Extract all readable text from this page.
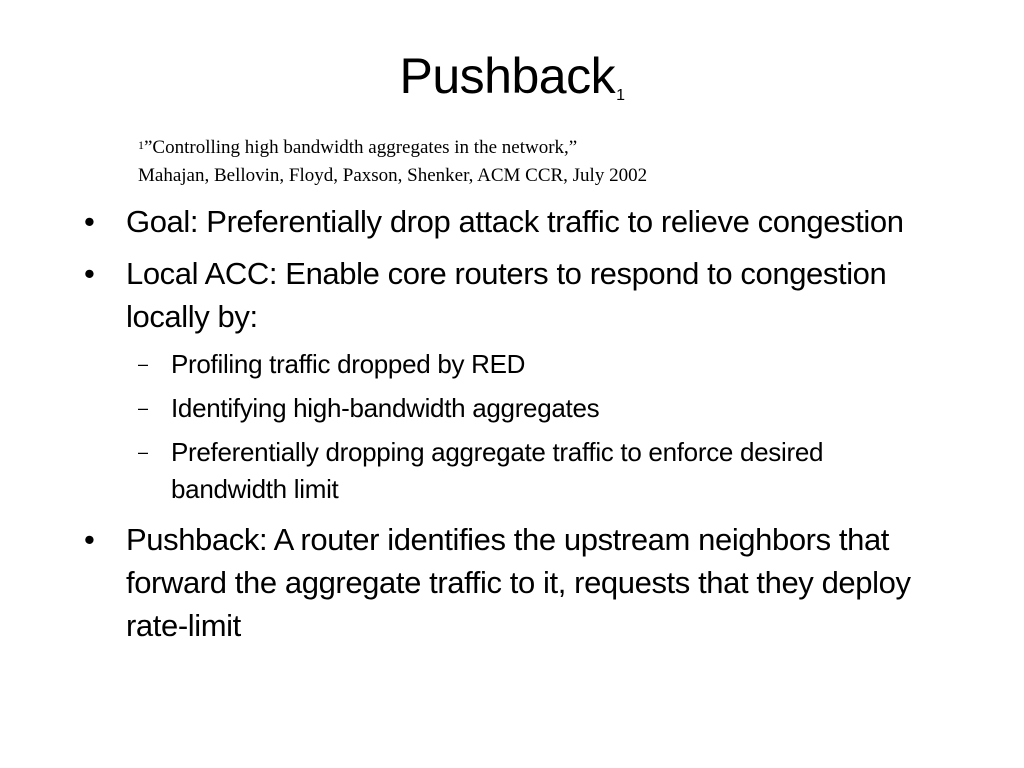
Pushback$^1$
$^1$”Controlling high bandwidth aggregates in the network,”
Mahajan, Bellovin, Floyd, Paxson, Shenker, ACM CCR, July 2002
• Goal: Preferentially drop attack traffic to relieve congestion
• Local ACC: Enable core routers to respond to congestion locally by:
– Profiling traffic dropped by RED
– Identifying high-bandwidth aggregates
– Preferentially dropping aggregate traffic to enforce desired bandwidth limit
• Pushback: A router identifies the upstream neighbors that forward the aggregate traffic to it, requests that they deploy rate-limit
